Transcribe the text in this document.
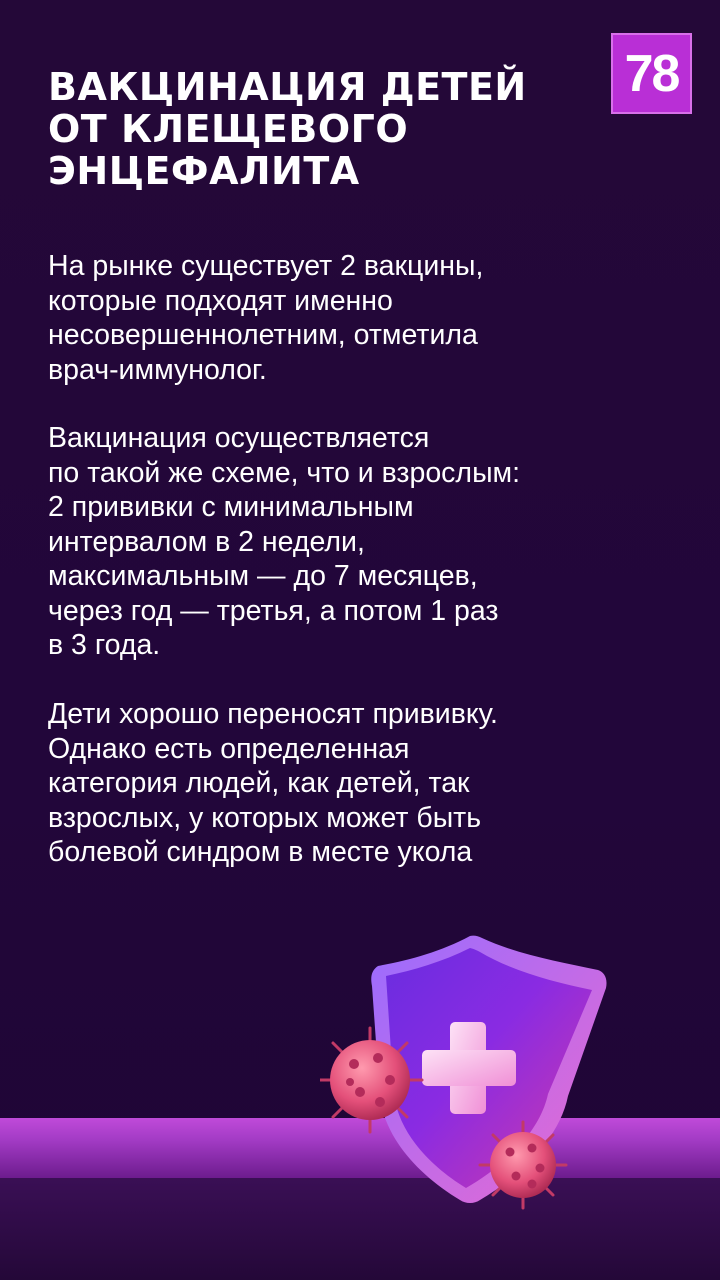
78
ВАКЦИНАЦИЯ ДЕТЕЙ
ОТ КЛЕЩЕВОГО
ЭНЦЕФАЛИТА

На рынке существует 2 вакцины,
которые подходят именно
несовершеннолетним, отметила
врач-иммунолог.

Вакцинация осуществляется
по такой же схеме, что и взрослым:
2 прививки с минимальным
интервалом в 2 недели,
максимальным — до 7 месяцев,
через год — третья, а потом 1 раз
в 3 года.

Дети хорошо переносят прививку.
Однако есть определенная
категория людей, как детей, так
взрослых, у которых может быть
болевой синдром в месте укола
